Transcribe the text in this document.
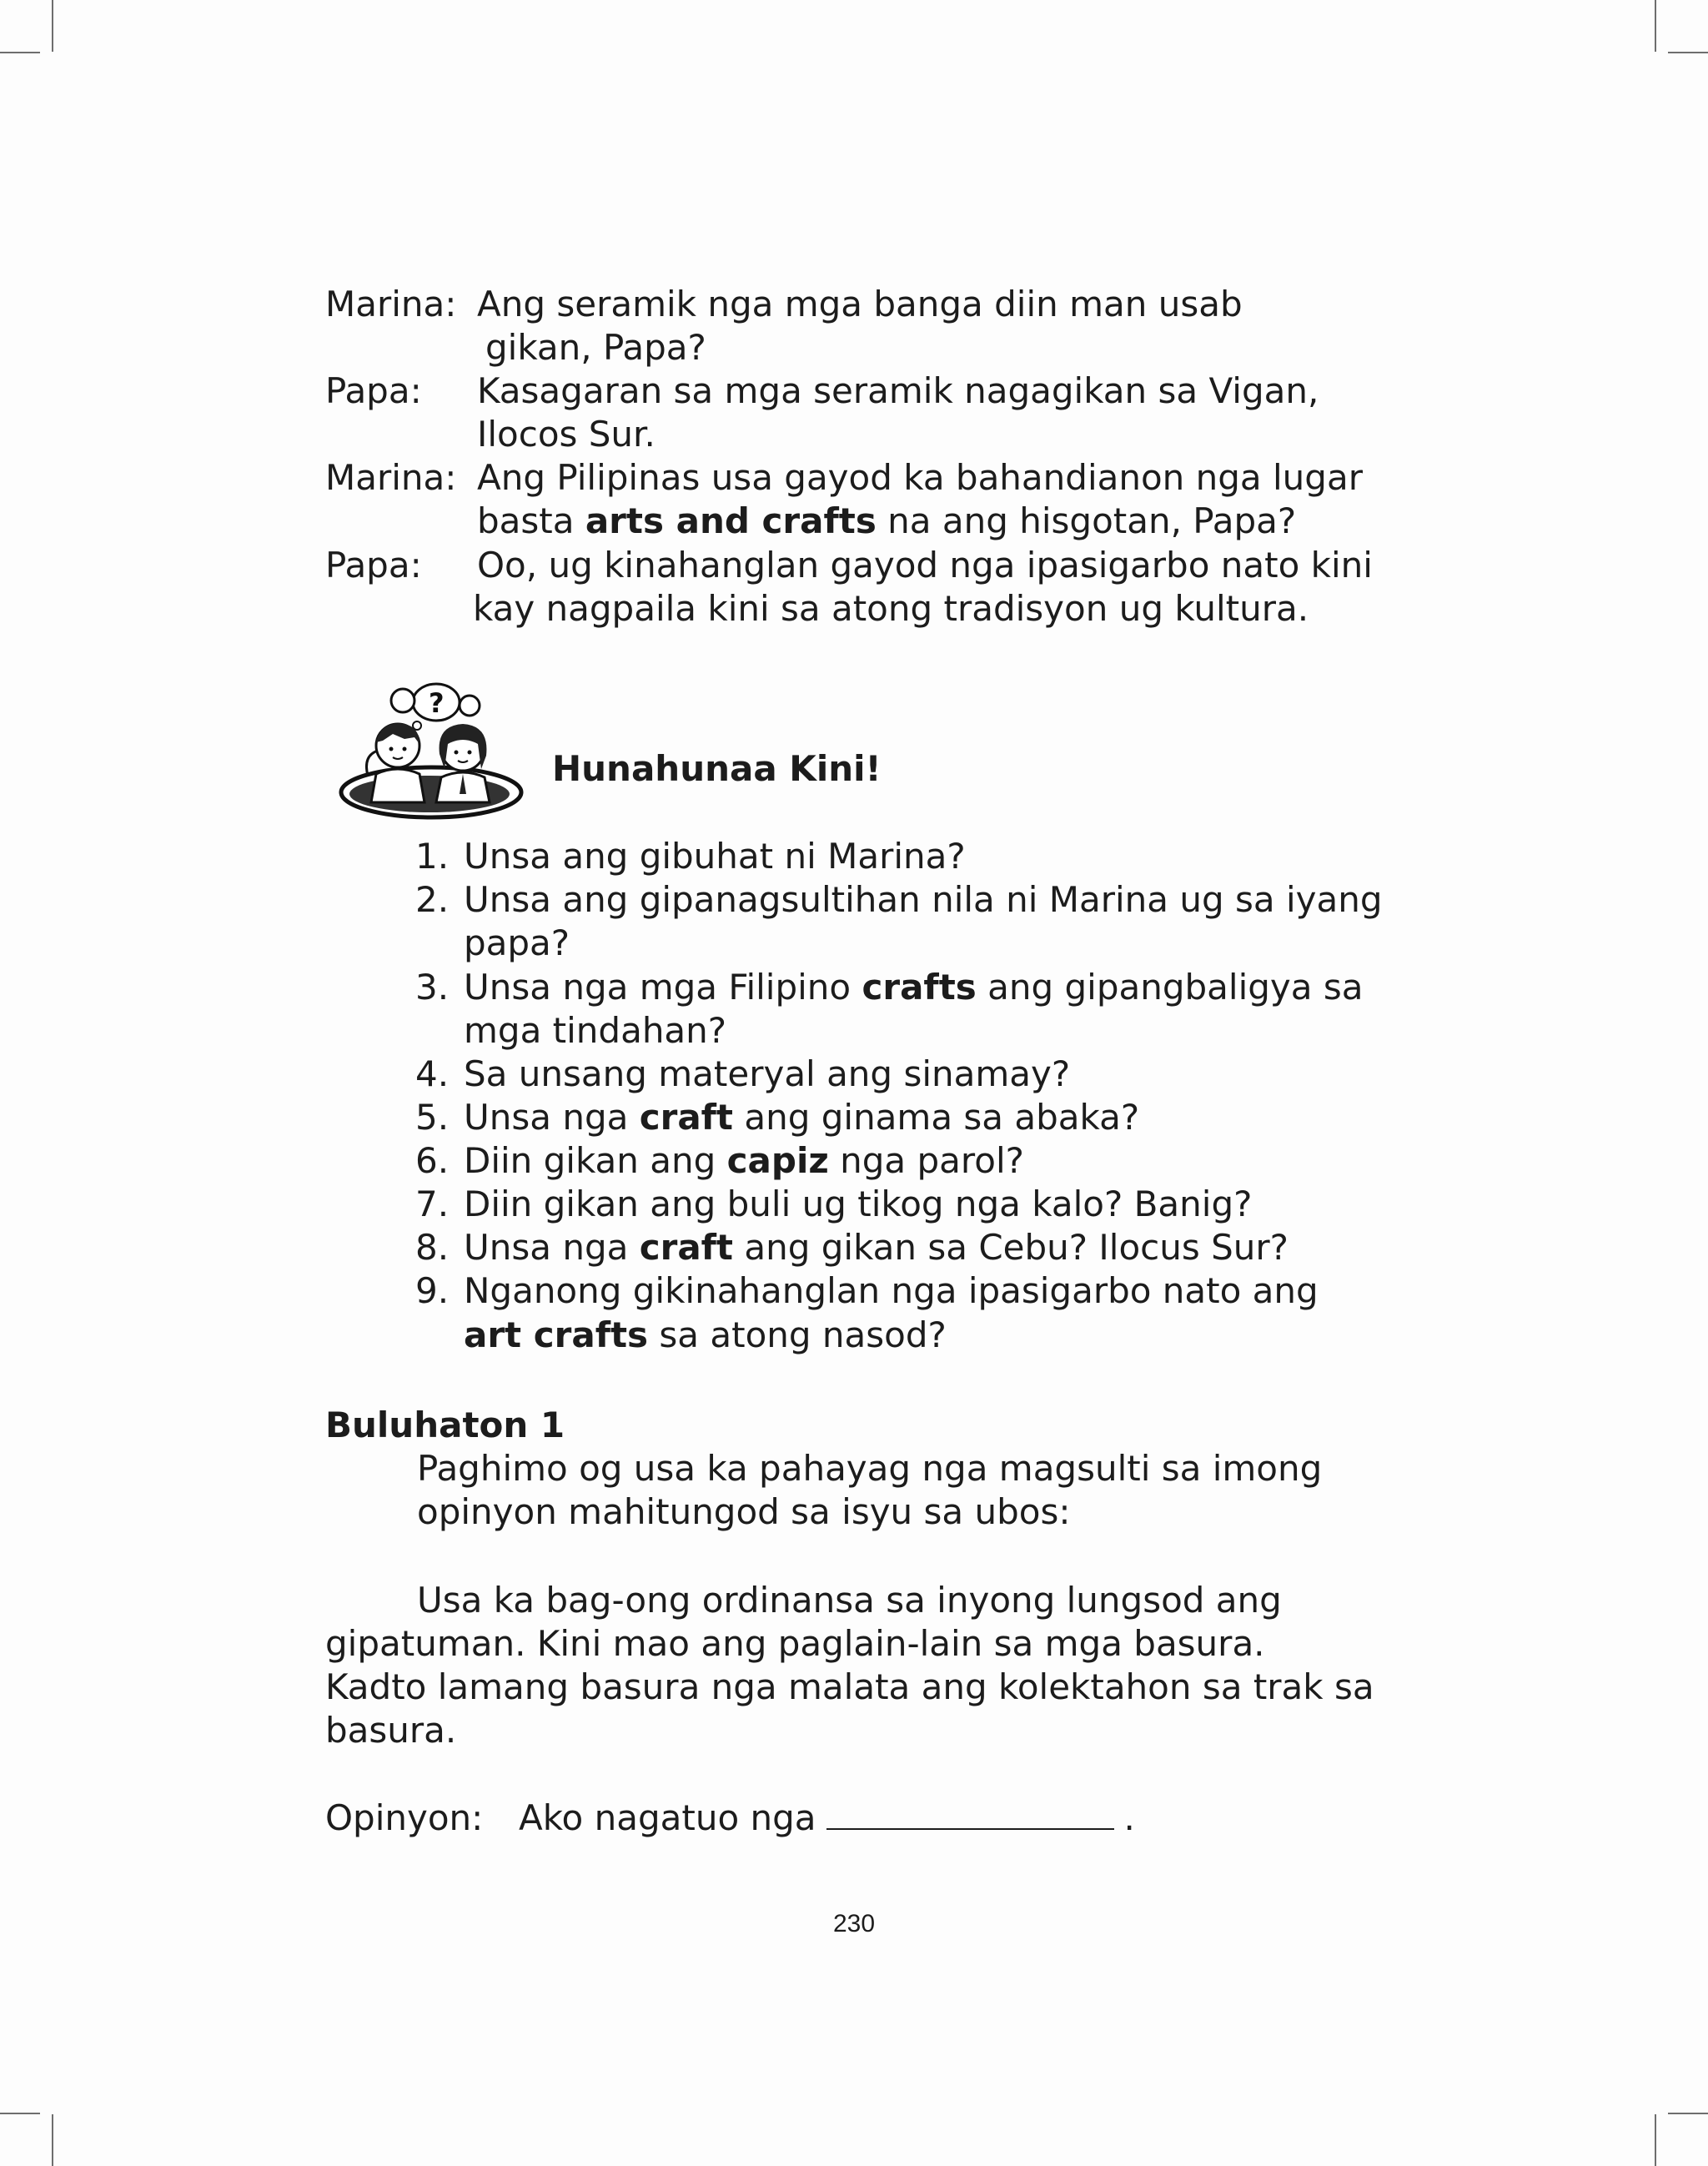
Marina: Ang seramik nga mga banga diin man usab

gikan, Papa?

Papa: Kasagaran sa mga seramik nagagikan sa Vigan,

Ilocos Sur.

Marina: Ang Pilipinas usa gayod ka bahandianon nga lugar

basta arts and crafts na ang hisgotan, Papa?

Papa: Oo, ug kinahanglan gayod nga ipasigarbo nato kini

kay nagpaila kini sa atong tradisyon ug kultura.

?

Hunahunaa Kini!

1. Unsa ang gibuhat ni Marina?

2. Unsa ang gipanagsultihan nila ni Marina ug sa iyang

papa?

3. Unsa nga mga Filipino crafts ang gipangbaligya sa

mga tindahan?

4. Sa unsang materyal ang sinamay?

5. Unsa nga craft ang ginama sa abaka?

6. Diin gikan ang capiz nga parol?

7. Diin gikan ang buli ug tikog nga kalo? Banig?

8. Unsa nga craft ang gikan sa Cebu? Ilocus Sur?

9. Nganong gikinahanglan nga ipasigarbo nato ang

art crafts sa atong nasod?

Buluhaton 1

Paghimo og usa ka pahayag nga magsulti sa imong

opinyon mahitungod sa isyu sa ubos:

Usa ka bag-ong ordinansa sa inyong lungsod ang

gipatuman. Kini mao ang paglain-lain sa mga basura.

Kadto lamang basura nga malata ang kolektahon sa trak sa

basura.

Opinyon: Ako nagatuo nga	.

230
